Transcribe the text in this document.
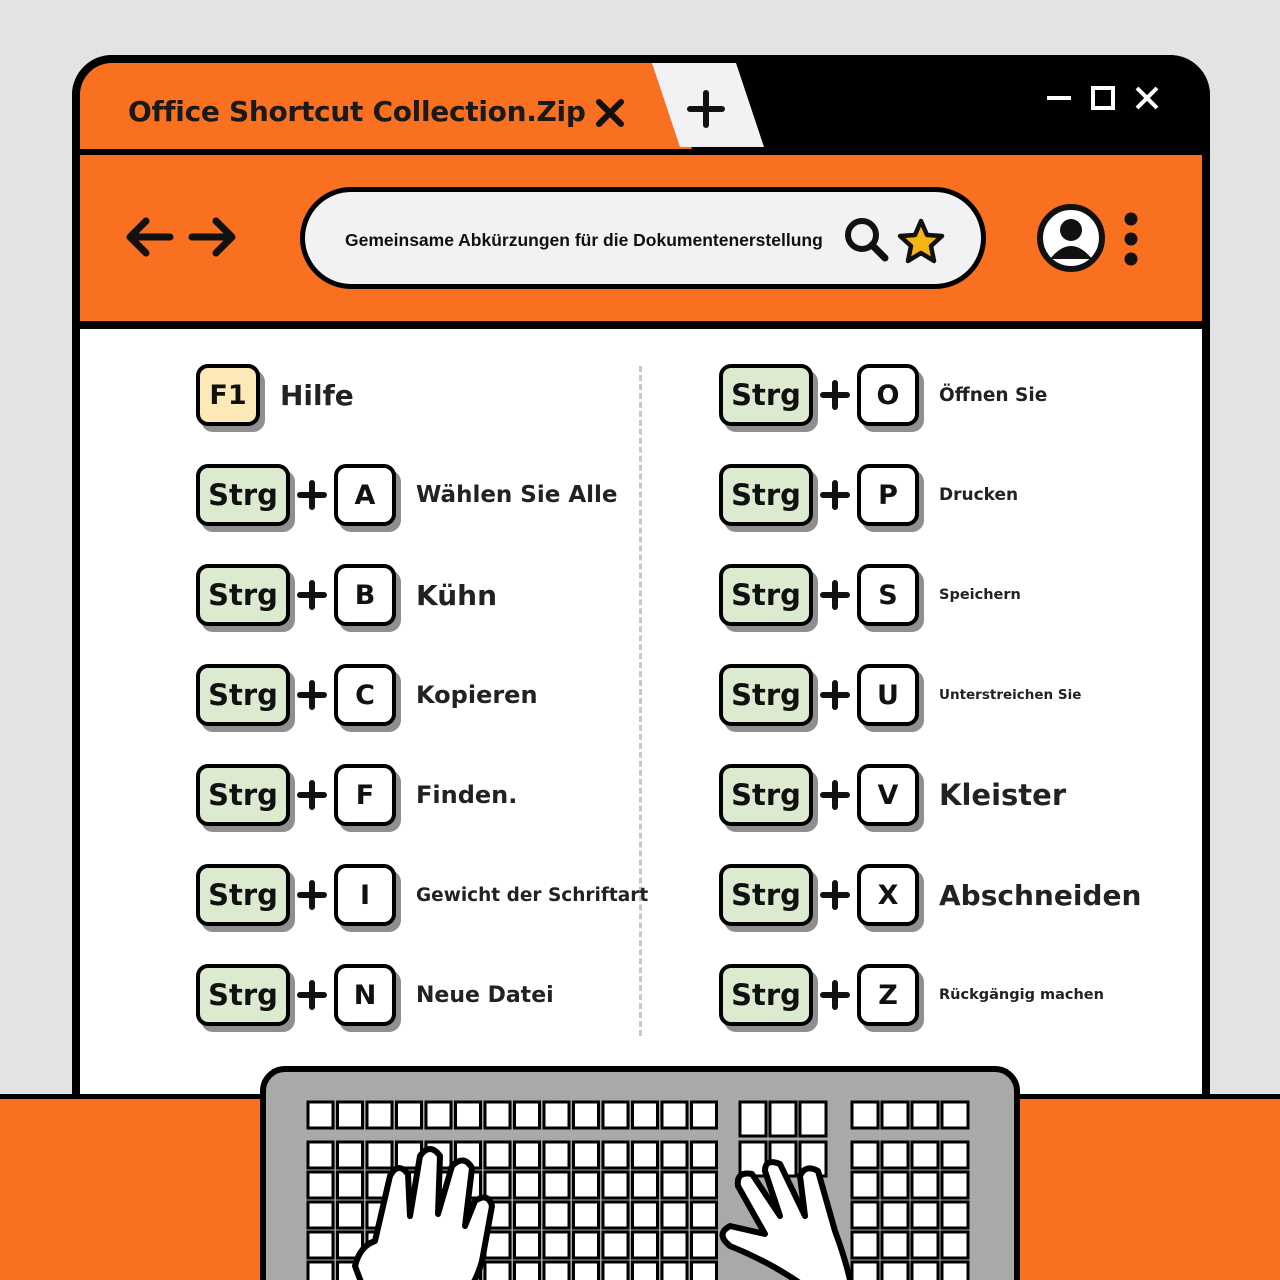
Office Shortcut Collection.Zip
Gemeinsame Abkürzungen für die Dokumentenerstellung
F1	Hilfe
Strg	A	Wählen Sie Alle
Strg	B	Kühn
Strg	C	Kopieren
Strg	F	Finden.
Strg	I	Gewicht der Schriftart
Strg	N	Neue Datei
Strg	O	Öffnen Sie
Strg	P	Drucken
Strg	S	Speichern
Strg	U	Unterstreichen Sie
Strg	V	Kleister
Strg	X	Abschneiden
Strg	Z	Rückgängig machen
